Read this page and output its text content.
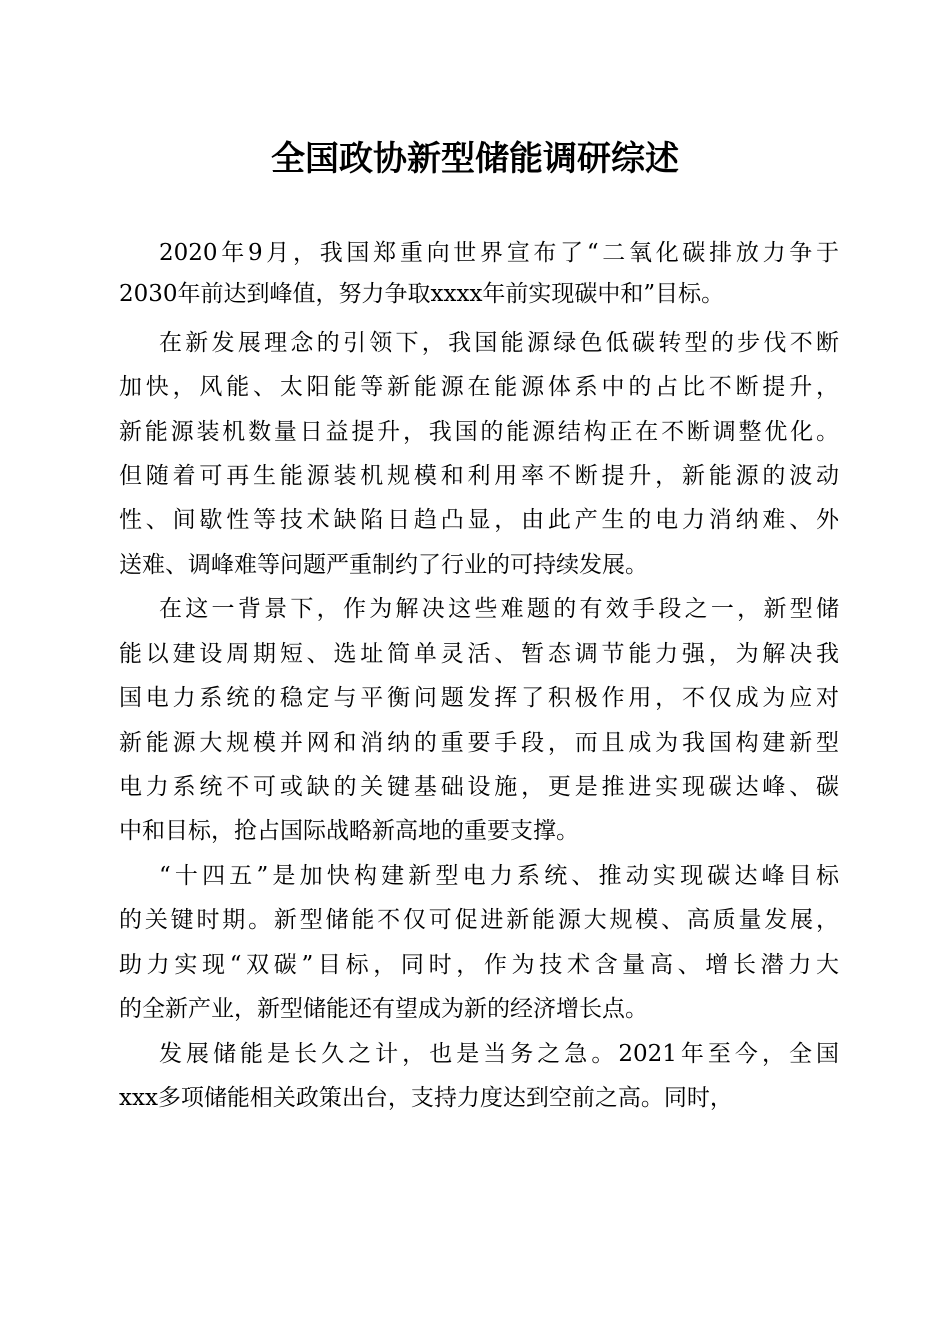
全国政协新型储能调研综述

2020年9月，我国郑重向世界宣布了“二氧化碳排放力争于

2030年前达到峰值，努力争取xxxx年前实现碳中和”目标。

在新发展理念的引领下，我国能源绿色低碳转型的步伐不断

加快，风能、太阳能等新能源在能源体系中的占比不断提升，

新能源装机数量日益提升，我国的能源结构正在不断调整优化。

但随着可再生能源装机规模和利用率不断提升，新能源的波动

性、间歇性等技术缺陷日趋凸显，由此产生的电力消纳难、外

送难、调峰难等问题严重制约了行业的可持续发展。

在这一背景下，作为解决这些难题的有效手段之一，新型储

能以建设周期短、选址简单灵活、暂态调节能力强，为解决我

国电力系统的稳定与平衡问题发挥了积极作用，不仅成为应对

新能源大规模并网和消纳的重要手段，而且成为我国构建新型

电力系统不可或缺的关键基础设施，更是推进实现碳达峰、碳

中和目标，抢占国际战略新高地的重要支撑。

“十四五”是加快构建新型电力系统、推动实现碳达峰目标

的关键时期。新型储能不仅可促进新能源大规模、高质量发展，

助力实现“双碳”目标，同时，作为技术含量高、增长潜力大

的全新产业，新型储能还有望成为新的经济增长点。

发展储能是长久之计，也是当务之急。2021年至今，全国

xxx多项储能相关政策出台，支持力度达到空前之高。同时，
